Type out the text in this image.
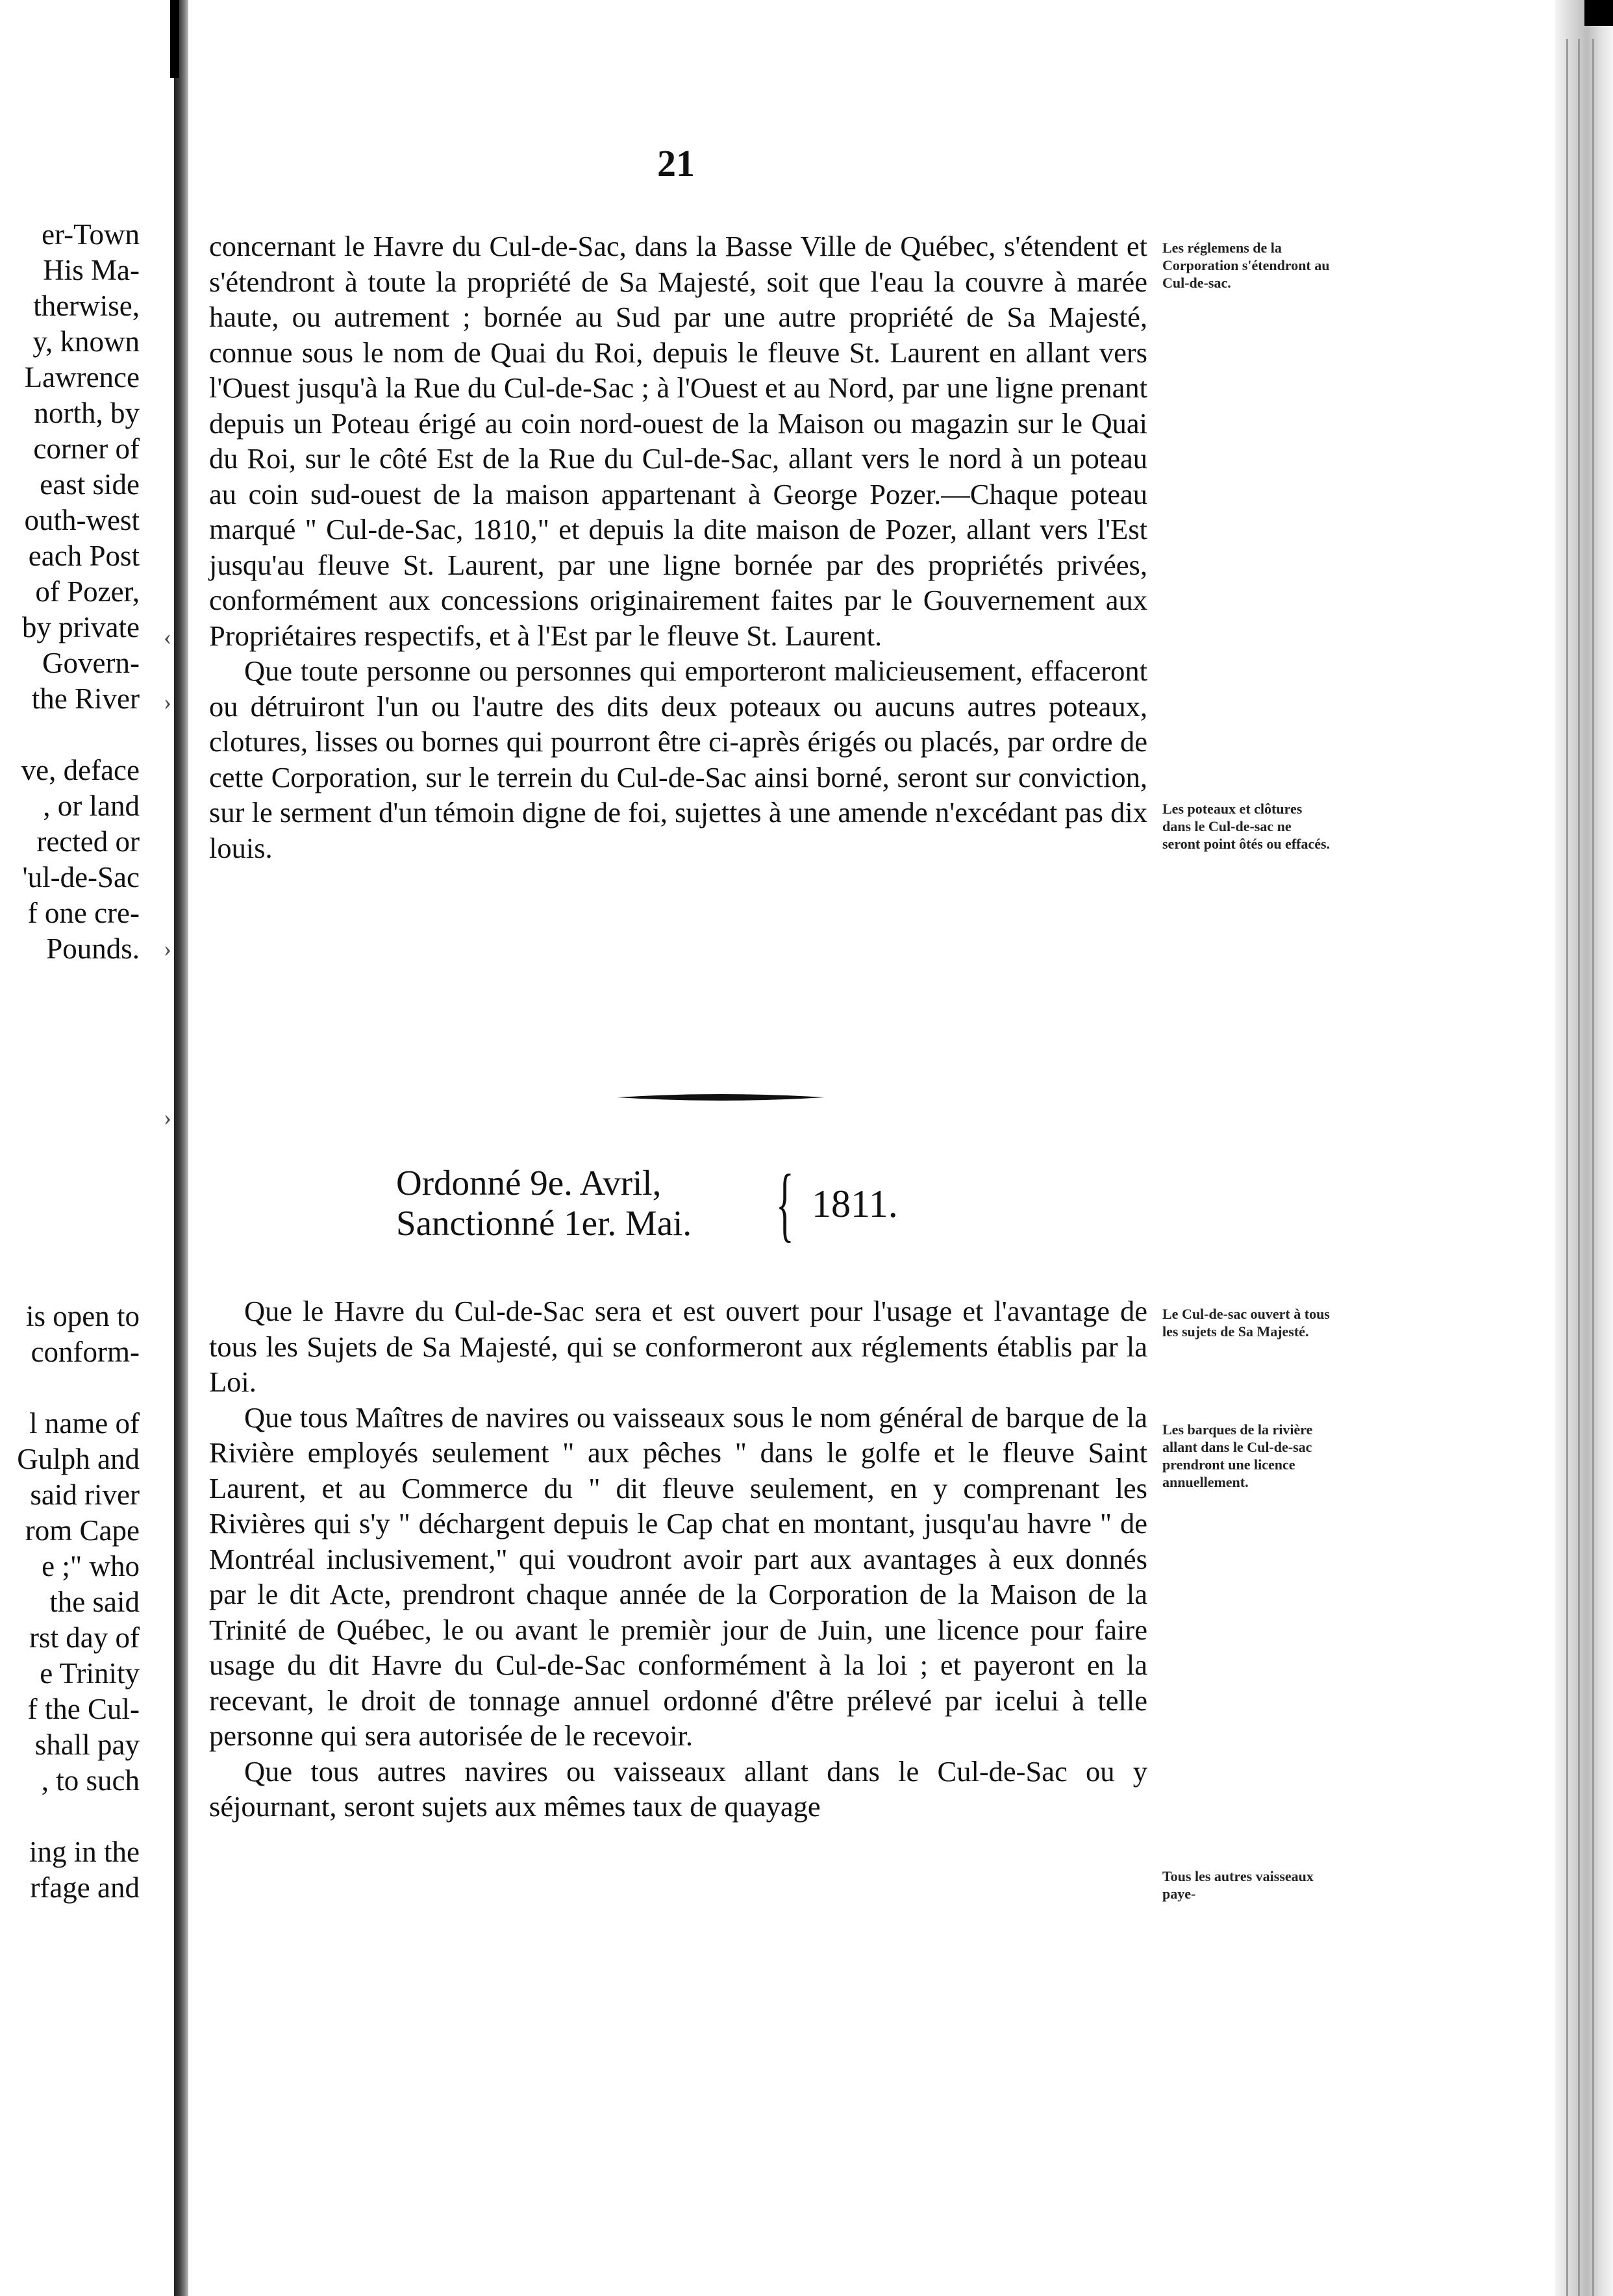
er-Town
His Ma-
therwise,
y, known
Lawrence
north, by
corner of
east side
outh-west
each Post
of Pozer,
by private
Govern-
the River
ve, deface
, or land
rected or
'ul-de-Sac
f one cre-
Pounds.
is open to
conform-
l name of
Gulph and
said river
rom Cape
e ;" who
the said
rst day of
e Trinity
f the Cul-
shall pay
, to such
ing in the
rfage and
‹
›
›
›
21

concernant le Havre du Cul-de-Sac, dans la Basse Ville de Québec, s'étendent et s'étendront à toute la propriété de Sa Majesté, soit que l'eau la couvre à marée haute, ou autrement ; bornée au Sud par une autre propriété de Sa Majesté, connue sous le nom de Quai du Roi, depuis le fleuve St. Laurent en allant vers l'Ouest jusqu'à la Rue du Cul-de-Sac ; à l'Ouest et au Nord, par une ligne prenant depuis un Poteau érigé au coin nord-ouest de la Maison ou magazin sur le Quai du Roi, sur le côté Est de la Rue du Cul-de-Sac, allant vers le nord à un poteau au coin sud-ouest de la maison appartenant à George Pozer.—Chaque poteau marqué " Cul-de-Sac, 1810," et depuis la dite maison de Pozer, allant vers l'Est jusqu'au fleuve St. Laurent, par une ligne bornée par des propriétés privées, conformément aux concessions originairement faites par le Gouvernement aux Propriétaires respectifs, et à l'Est par le fleuve St. Laurent.

Que toute personne ou personnes qui emporteront malicieusement, effaceront ou détruiront l'un ou l'autre des dits deux poteaux ou aucuns autres poteaux, clotures, lisses ou bornes qui pourront être ci-après érigés ou placés, par ordre de cette Corporation, sur le terrein du Cul-de-Sac ainsi borné, seront sur conviction, sur le serment d'un témoin digne de foi, sujettes à une amende n'excédant pas dix louis.

Les réglemens de la Corporation s'étendront au Cul-de-sac.
Les poteaux et clôtures dans le Cul-de-sac ne seront point ôtés ou effacés.
Ordonné 9e. Avril,
Sanctionné 1er. Mai. { 1811.

Que le Havre du Cul-de-Sac sera et est ouvert pour l'usage et l'avantage de tous les Sujets de Sa Majesté, qui se conformeront aux réglements établis par la Loi.

Que tous Maîtres de navires ou vaisseaux sous le nom général de barque de la Rivière employés seulement " aux pêches " dans le golfe et le fleuve Saint Laurent, et au Commerce du " dit fleuve seulement, en y comprenant les Rivières qui s'y " déchargent depuis le Cap chat en montant, jusqu'au havre " de Montréal inclusivement," qui voudront avoir part aux avantages à eux donnés par le dit Acte, prendront chaque année de la Corporation de la Maison de la Trinité de Québec, le ou avant le premièr jour de Juin, une licence pour faire usage du dit Havre du Cul-de-Sac conformément à la loi ; et payeront en la recevant, le droit de tonnage annuel ordonné d'être prélevé par icelui à telle personne qui sera autorisée de le recevoir.

Que tous autres navires ou vaisseaux allant dans le Cul-de-Sac ou y séjournant, seront sujets aux mêmes taux de quayage

Le Cul-de-sac ouvert à tous les sujets de Sa Majesté.
Les barques de la rivière allant dans le Cul-de-sac prendront une licence annuellement.
Tous les autres vaisseaux paye-
